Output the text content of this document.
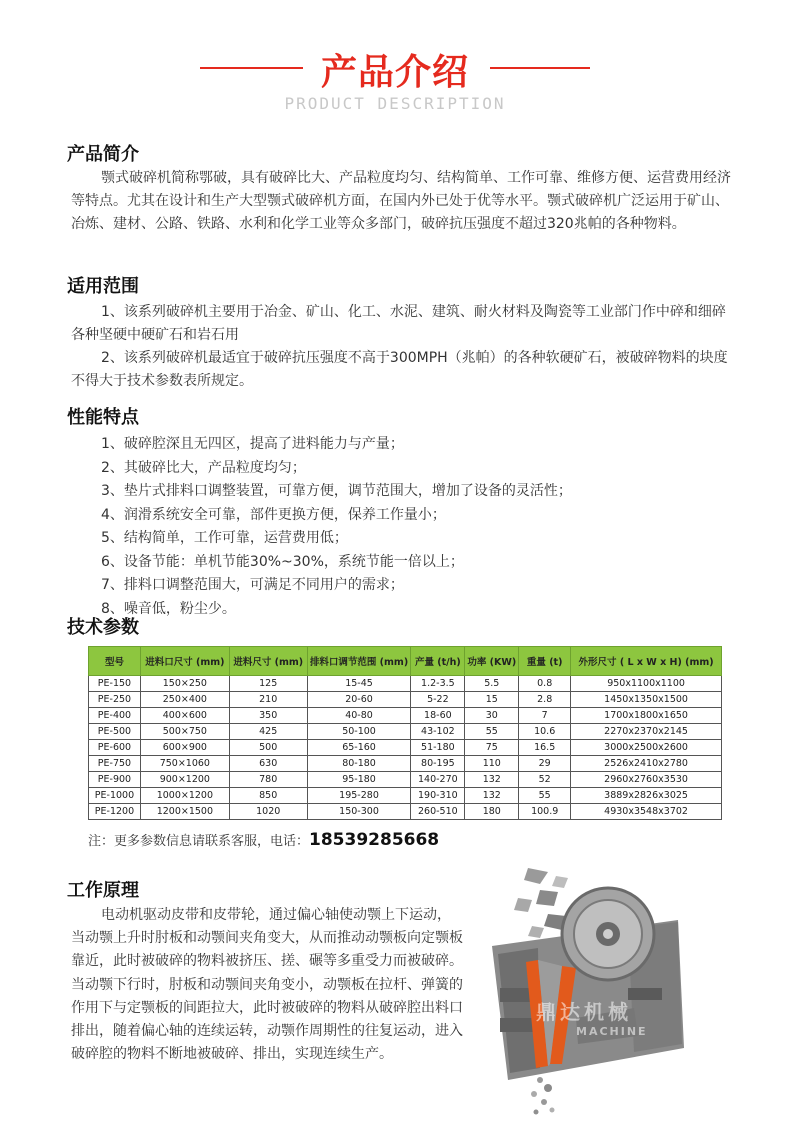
产品介绍
PRODUCT DESCRIPTION
产品简介
颚式破碎机简称鄂破，具有破碎比大、产品粒度均匀、结构简单、工作可靠、维修方便、运营费用经济等特点。尤其在设计和生产大型颚式破碎机方面，在国内外已处于优等水平。颚式破碎机广泛运用于矿山、冶炼、建材、公路、铁路、水利和化学工业等众多部门，破碎抗压强度不超过320兆帕的各种物料。
适用范围
1、该系列破碎机主要用于冶金、矿山、化工、水泥、建筑、耐火材料及陶瓷等工业部门作中碎和细碎各种坚硬中硬矿石和岩石用
2、该系列破碎机最适宜于破碎抗压强度不高于300MPH（兆帕）的各种软硬矿石，被破碎物料的块度不得大于技术参数表所规定。
性能特点
1、破碎腔深且无四区，提高了进料能力与产量；
2、其破碎比大，产品粒度均匀；
3、垫片式排料口调整装置，可靠方便，调节范围大，增加了设备的灵活性；
4、润滑系统安全可靠，部件更换方便，保养工作量小；
5、结构简单，工作可靠，运营费用低；
6、设备节能：单机节能30%~30%，系统节能一倍以上；
7、排料口调整范围大，可满足不同用户的需求；
8、噪音低，粉尘少。
技术参数
型号	进料口尺寸 (mm)	进料尺寸 (mm)	排料口调节范围 (mm)	产量 (t/h)	功率 (KW)	重量 (t)	外形尺寸 ( L x W x H) (mm)
PE-150	150×250	125	15-45	1.2-3.5	5.5	0.8	950x1100x1100
PE-250	250×400	210	20-60	5-22	15	2.8	1450x1350x1500
PE-400	400×600	350	40-80	18-60	30	7	1700x1800x1650
PE-500	500×750	425	50-100	43-102	55	10.6	2270x2370x2145
PE-600	600×900	500	65-160	51-180	75	16.5	3000x2500x2600
PE-750	750×1060	630	80-180	80-195	110	29	2526x2410x2780
PE-900	900×1200	780	95-180	140-270	132	52	2960x2760x3530
PE-1000	1000×1200	850	195-280	190-310	132	55	3889x2826x3025
PE-1200	1200×1500	1020	150-300	260-510	180	100.9	4930x3548x3702
注：更多参数信息请联系客服，电话：18539285668
工作原理
电动机驱动皮带和皮带轮，通过偏心轴使动颚上下运动，当动颚上升时肘板和动颚间夹角变大，从而推动动颚板向定颚板靠近，此时被破碎的物料被挤压、搓、碾等多重受力而被破碎。当动颚下行时，肘板和动颚间夹角变小，动颚板在拉杆、弹簧的作用下与定颚板的间距拉大，此时被破碎的物料从破碎腔出料口排出，随着偏心轴的连续运转，动颚作周期性的往复运动，进入破碎腔的物料不断地被破碎、排出，实现连续生产。
鼎达机械
MACHINE
